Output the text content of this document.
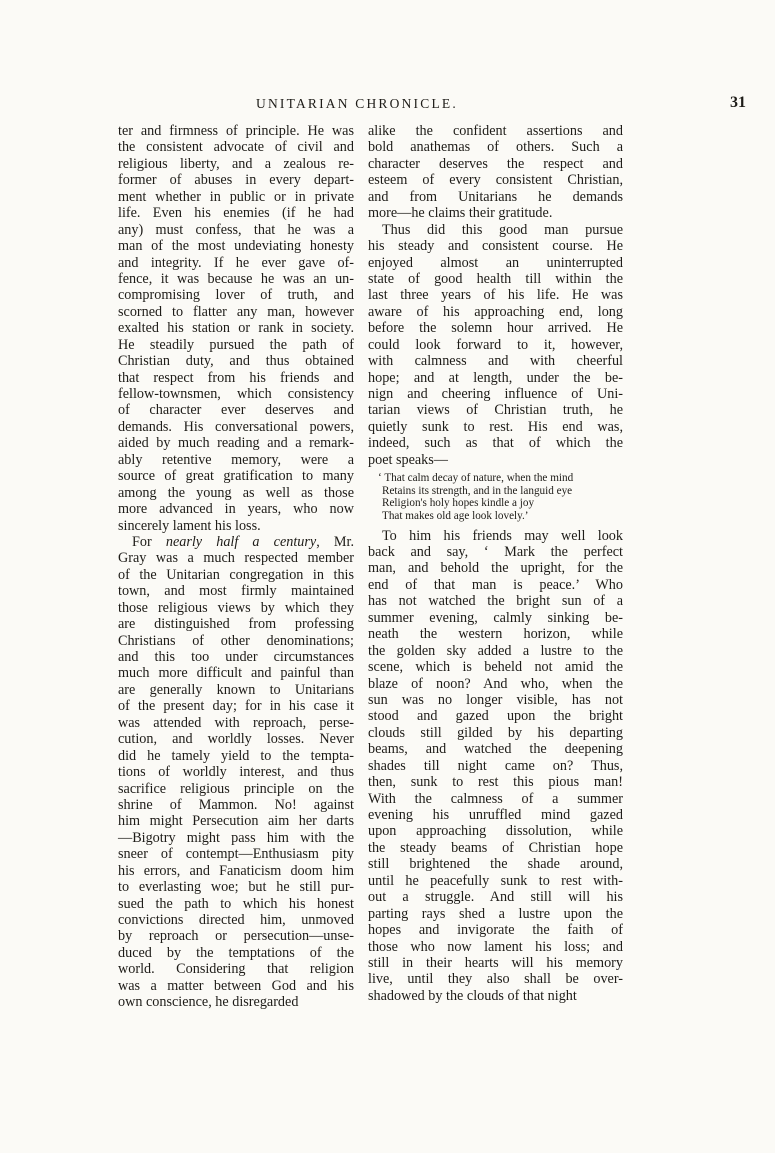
UNITARIAN CHRONICLE.	31
ter and firmness of principle. He was
the consistent advocate of civil and
religious liberty, and a zealous re-
former of abuses in every depart-
ment whether in public or in private
life. Even his enemies (if he had
any) must confess, that he was a
man of the most undeviating honesty
and integrity. If he ever gave of-
fence, it was because he was an un-
compromising lover of truth, and
scorned to flatter any man, however
exalted his station or rank in society.
He steadily pursued the path of
Christian duty, and thus obtained
that respect from his friends and
fellow-townsmen, which consistency
of character ever deserves and
demands. His conversational powers,
aided by much reading and a remark-
ably retentive memory, were a
source of great gratification to many
among the young as well as those
more advanced in years, who now
sincerely lament his loss.
For nearly half a century, Mr.
Gray was a much respected member
of the Unitarian congregation in this
town, and most firmly maintained
those religious views by which they
are distinguished from professing
Christians of other denominations;
and this too under circumstances
much more difficult and painful than
are generally known to Unitarians
of the present day; for in his case it
was attended with reproach, perse-
cution, and worldly losses. Never
did he tamely yield to the tempta-
tions of worldly interest, and thus
sacrifice religious principle on the
shrine of Mammon. No! against
him might Persecution aim her darts
—Bigotry might pass him with the
sneer of contempt—Enthusiasm pity
his errors, and Fanaticism doom him
to everlasting woe; but he still pur-
sued the path to which his honest
convictions directed him, unmoved
by reproach or persecution—unse-
duced by the temptations of the
world. Considering that religion
was a matter between God and his
own conscience, he disregarded
alike the confident assertions and
bold anathemas of others. Such a
character deserves the respect and
esteem of every consistent Christian,
and from Unitarians he demands
more—he claims their gratitude.
Thus did this good man pursue
his steady and consistent course. He
enjoyed almost an uninterrupted
state of good health till within the
last three years of his life. He was
aware of his approaching end, long
before the solemn hour arrived. He
could look forward to it, however,
with calmness and with cheerful
hope; and at length, under the be-
nign and cheering influence of Uni-
tarian views of Christian truth, he
quietly sunk to rest. His end was,
indeed, such as that of which the
poet speaks—
‘ That calm decay of nature, when the mind
Retains its strength, and in the languid eye
Religion's holy hopes kindle a joy
That makes old age look lovely.’
To him his friends may well look
back and say, ‘ Mark the perfect
man, and behold the upright, for the
end of that man is peace.’ Who
has not watched the bright sun of a
summer evening, calmly sinking be-
neath the western horizon, while
the golden sky added a lustre to the
scene, which is beheld not amid the
blaze of noon? And who, when the
sun was no longer visible, has not
stood and gazed upon the bright
clouds still gilded by his departing
beams, and watched the deepening
shades till night came on? Thus,
then, sunk to rest this pious man!
With the calmness of a summer
evening his unruffled mind gazed
upon approaching dissolution, while
the steady beams of Christian hope
still brightened the shade around,
until he peacefully sunk to rest with-
out a struggle. And still will his
parting rays shed a lustre upon the
hopes and invigorate the faith of
those who now lament his loss; and
still in their hearts will his memory
live, until they also shall be over-
shadowed by the clouds of that night
